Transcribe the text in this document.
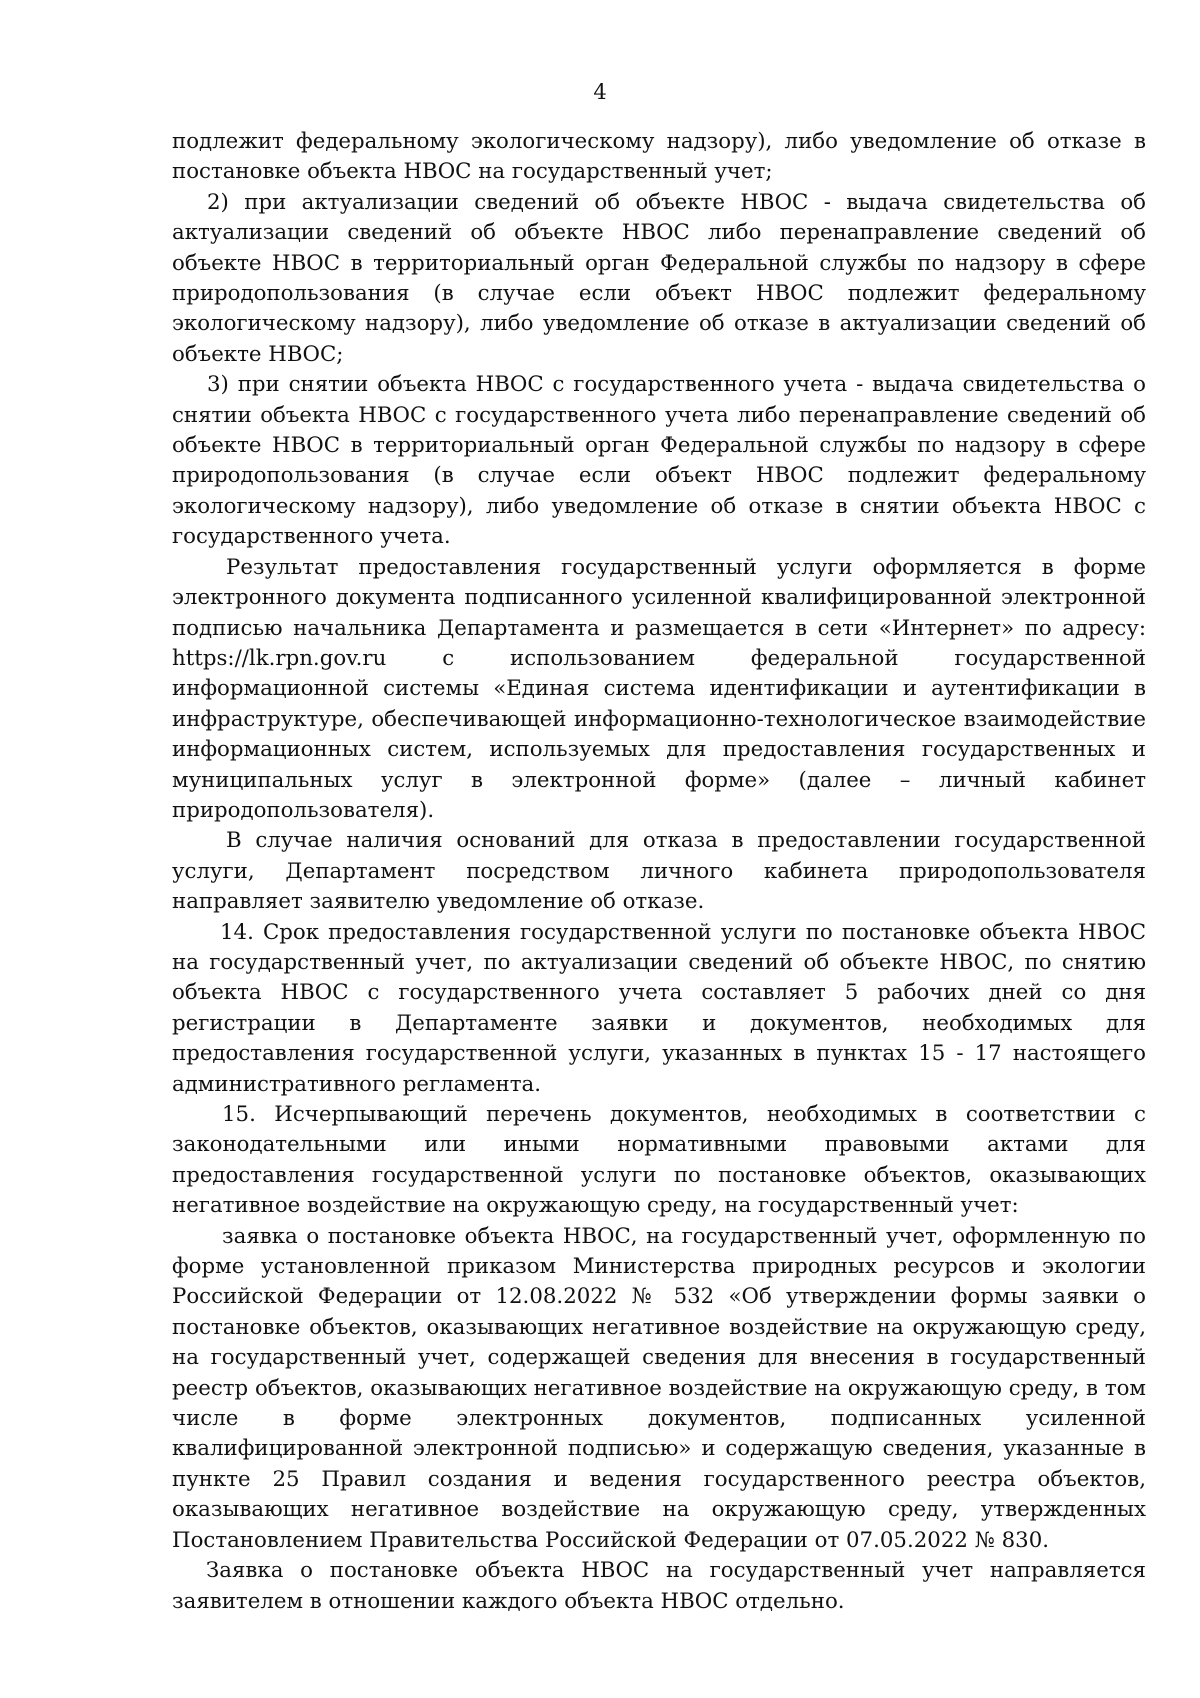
4

подлежит федеральному экологическому надзору), либо уведомление об отказе в постановке объекта НВОС на государственный учет;

2) при актуализации сведений об объекте НВОС - выдача свидетельства об актуализации сведений об объекте НВОС либо перенаправление сведений об объекте НВОС в территориальный орган Федеральной службы по надзору в сфере природопользования (в случае если объект НВОС подлежит федеральному экологическому надзору), либо уведомление об отказе в актуализации сведений об объекте НВОС;

3) при снятии объекта НВОС с государственного учета - выдача свидетельства о снятии объекта НВОС с государственного учета либо перенаправление сведений об объекте НВОС в территориальный орган Федеральной службы по надзору в сфере природопользования (в случае если объект НВОС подлежит федеральному экологическому надзору), либо уведомление об отказе в снятии объекта НВОС с государственного учета.

Результат предоставления государственный услуги оформляется в форме электронного документа подписанного усиленной квалифицированной электронной подписью начальника Департамента и размещается в сети «Интернет» по адресу: https://lk.rpn.gov.ru с использованием федеральной государственной информационной системы «Единая система идентификации и аутентификации в инфраструктуре, обеспечивающей информационно-технологическое взаимодействие информационных систем, используемых для предоставления государственных и муниципальных услуг в электронной форме» (далее – личный кабинет природопользователя).

В случае наличия оснований для отказа в предоставлении государственной услуги, Департамент посредством личного кабинета природопользователя направляет заявителю уведомление об отказе.

14. Срок предоставления государственной услуги по постановке объекта НВОС на государственный учет, по актуализации сведений об объекте НВОС, по снятию объекта НВОС с государственного учета составляет 5 рабочих дней со дня регистрации в Департаменте заявки и документов, необходимых для предоставления государственной услуги, указанных в пунктах 15 - 17 настоящего административного регламента.

15. Исчерпывающий перечень документов, необходимых в соответствии с законодательными или иными нормативными правовыми актами для предоставления государственной услуги по постановке объектов, оказывающих негативное воздействие на окружающую среду, на государственный учет:

заявка о постановке объекта НВОС, на государственный учет, оформленную по форме установленной приказом Министерства природных ресурсов и экологии Российской Федерации от 12.08.2022 № 532 «Об утверждении формы заявки о постановке объектов, оказывающих негативное воздействие на окружающую среду, на государственный учет, содержащей сведения для внесения в государственный реестр объектов, оказывающих негативное воздействие на окружающую среду, в том числе в форме электронных документов, подписанных усиленной квалифицированной электронной подписью» и содержащую сведения, указанные в пункте 25 Правил создания и ведения государственного реестра объектов, оказывающих негативное воздействие на окружающую среду, утвержденных Постановлением Правительства Российской Федерации от 07.05.2022 № 830.

Заявка о постановке объекта НВОС на государственный учет направляется заявителем в отношении каждого объекта НВОС отдельно.
